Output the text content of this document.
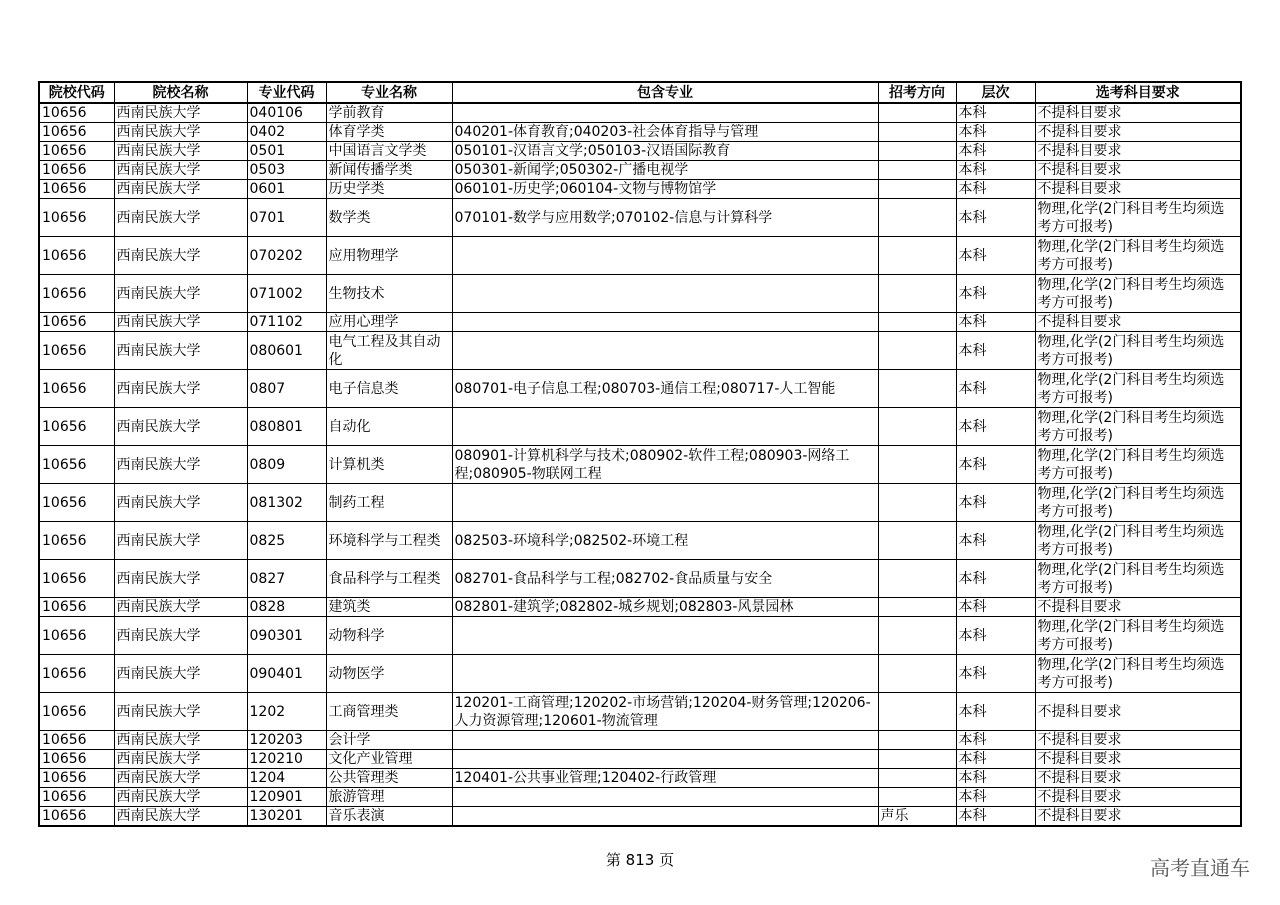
院校代码	院校名称	专业代码	专业名称	包含专业	招考方向	层次	选考科目要求
10656	西南民族大学	040106	学前教育			本科	不提科目要求
10656	西南民族大学	0402	体育学类	040201-体育教育;040203-社会体育指导与管理		本科	不提科目要求
10656	西南民族大学	0501	中国语言文学类	050101-汉语言文学;050103-汉语国际教育		本科	不提科目要求
10656	西南民族大学	0503	新闻传播学类	050301-新闻学;050302-广播电视学		本科	不提科目要求
10656	西南民族大学	0601	历史学类	060101-历史学;060104-文物与博物馆学		本科	不提科目要求
10656	西南民族大学	0701	数学类	070101-数学与应用数学;070102-信息与计算科学		本科	物理,化学(2门科目考生均须选考方可报考)
10656	西南民族大学	070202	应用物理学			本科	物理,化学(2门科目考生均须选考方可报考)
10656	西南民族大学	071002	生物技术			本科	物理,化学(2门科目考生均须选考方可报考)
10656	西南民族大学	071102	应用心理学			本科	不提科目要求
10656	西南民族大学	080601	电气工程及其自动化			本科	物理,化学(2门科目考生均须选考方可报考)
10656	西南民族大学	0807	电子信息类	080701-电子信息工程;080703-通信工程;080717-人工智能		本科	物理,化学(2门科目考生均须选考方可报考)
10656	西南民族大学	080801	自动化			本科	物理,化学(2门科目考生均须选考方可报考)
10656	西南民族大学	0809	计算机类	080901-计算机科学与技术;080902-软件工程;080903-网络工程;080905-物联网工程		本科	物理,化学(2门科目考生均须选考方可报考)
10656	西南民族大学	081302	制药工程			本科	物理,化学(2门科目考生均须选考方可报考)
10656	西南民族大学	0825	环境科学与工程类	082503-环境科学;082502-环境工程		本科	物理,化学(2门科目考生均须选考方可报考)
10656	西南民族大学	0827	食品科学与工程类	082701-食品科学与工程;082702-食品质量与安全		本科	物理,化学(2门科目考生均须选考方可报考)
10656	西南民族大学	0828	建筑类	082801-建筑学;082802-城乡规划;082803-风景园林		本科	不提科目要求
10656	西南民族大学	090301	动物科学			本科	物理,化学(2门科目考生均须选考方可报考)
10656	西南民族大学	090401	动物医学			本科	物理,化学(2门科目考生均须选考方可报考)
10656	西南民族大学	1202	工商管理类	120201-工商管理;120202-市场营销;120204-财务管理;120206-人力资源管理;120601-物流管理		本科	不提科目要求
10656	西南民族大学	120203	会计学			本科	不提科目要求
10656	西南民族大学	120210	文化产业管理			本科	不提科目要求
10656	西南民族大学	1204	公共管理类	120401-公共事业管理;120402-行政管理		本科	不提科目要求
10656	西南民族大学	120901	旅游管理			本科	不提科目要求
10656	西南民族大学	130201	音乐表演		声乐	本科	不提科目要求
第 813 页	高考直通车
